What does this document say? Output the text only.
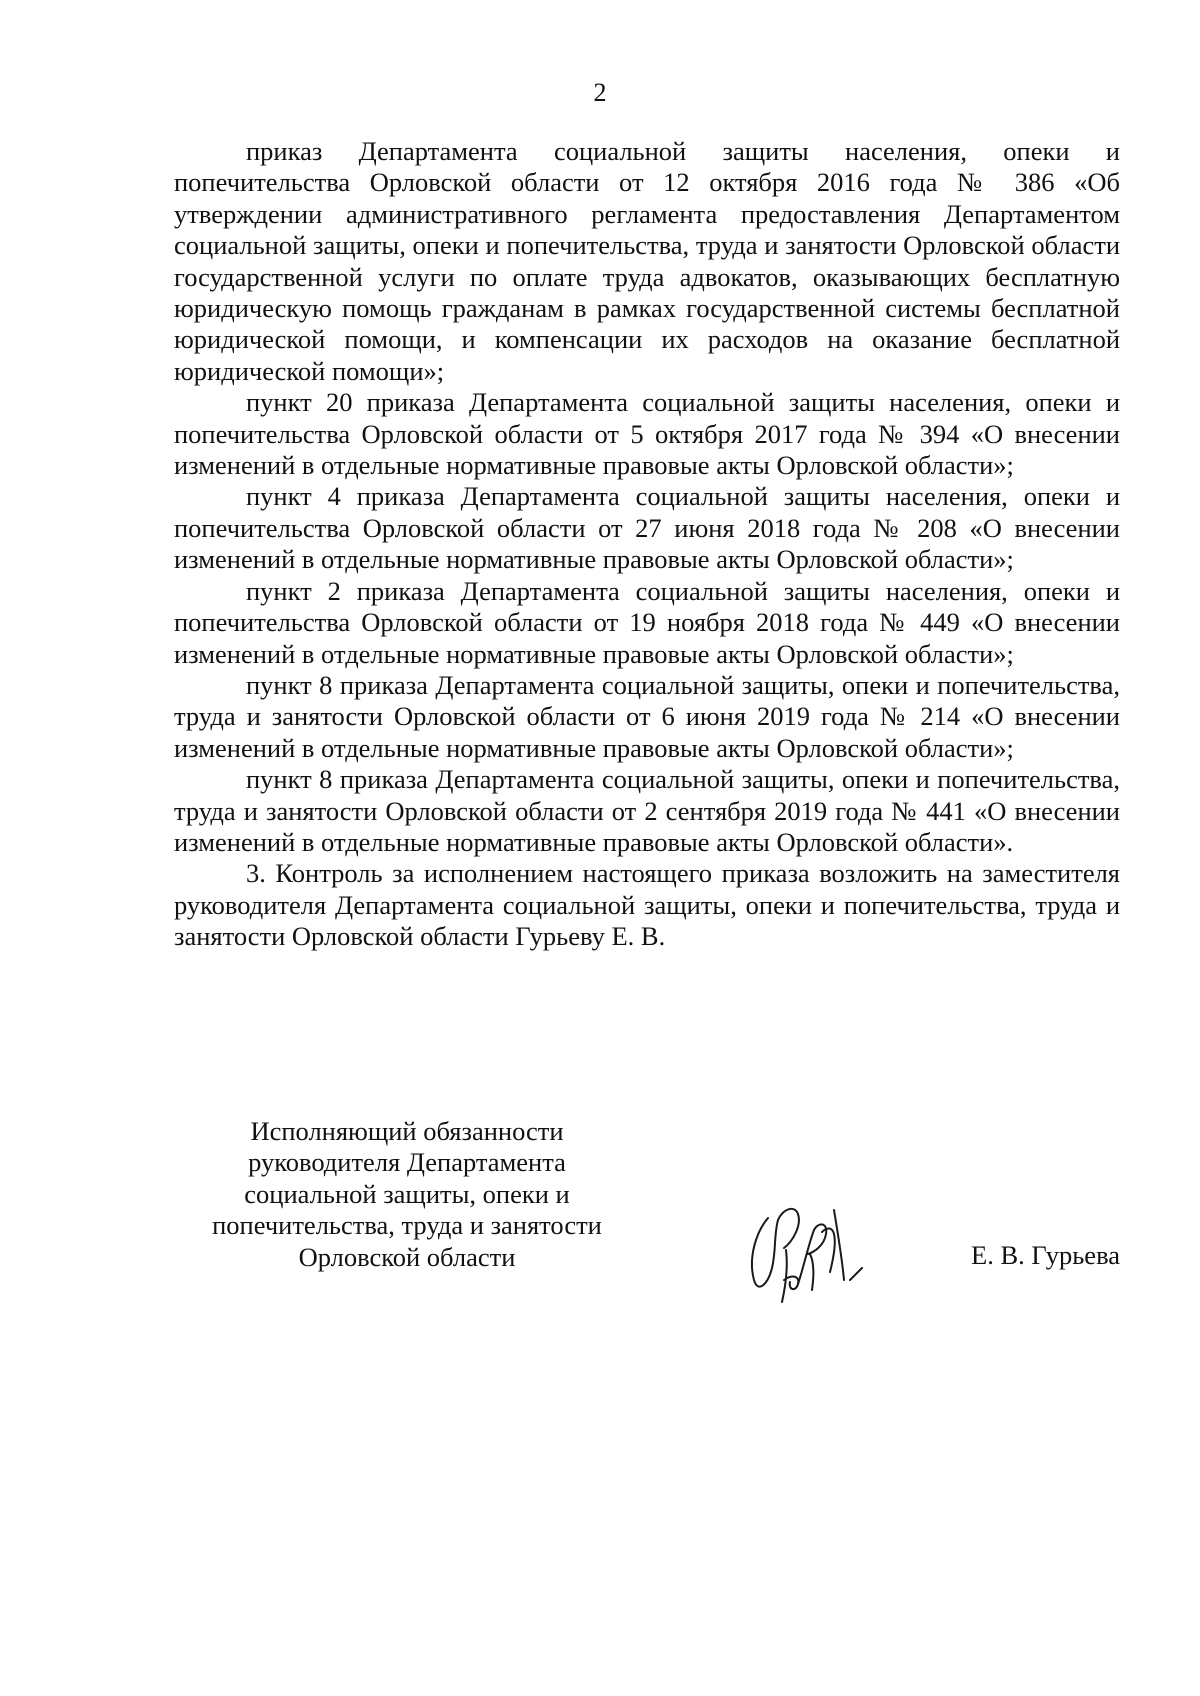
2

приказ Департамента социальной защиты населения, опеки и попечительства Орловской области от 12 октября 2016 года № 386 «Об утверждении административного регламента предоставления Департаментом социальной защиты, опеки и попечительства, труда и занятости Орловской области государственной услуги по оплате труда адвокатов, оказывающих бесплатную юридическую помощь гражданам в рамках государственной системы бесплатной юридической помощи, и компенсации их расходов на оказание бесплатной юридической помощи»;

пункт 20 приказа Департамента социальной защиты населения, опеки и попечительства Орловской области от 5 октября 2017 года № 394 «О внесении изменений в отдельные нормативные правовые акты Орловской области»;

пункт 4 приказа Департамента социальной защиты населения, опеки и попечительства Орловской области от 27 июня 2018 года № 208 «О внесении изменений в отдельные нормативные правовые акты Орловской области»;

пункт 2 приказа Департамента социальной защиты населения, опеки и попечительства Орловской области от 19 ноября 2018 года № 449 «О внесении изменений в отдельные нормативные правовые акты Орловской области»;

пункт 8 приказа Департамента социальной защиты, опеки и попечительства, труда и занятости Орловской области от 6 июня 2019 года № 214 «О внесении изменений в отдельные нормативные правовые акты Орловской области»;

пункт 8 приказа Департамента социальной защиты, опеки и попечительства, труда и занятости Орловской области от 2 сентября 2019 года № 441 «О внесении изменений в отдельные нормативные правовые акты Орловской области».

3. Контроль за исполнением настоящего приказа возложить на заместителя руководителя Департамента социальной защиты, опеки и попечительства, труда и занятости Орловской области Гурьеву Е. В.

Исполняющий обязанности
руководителя Департамента
социальной защиты, опеки и
попечительства, труда и занятости
Орловской области	Е. В. Гурьева
